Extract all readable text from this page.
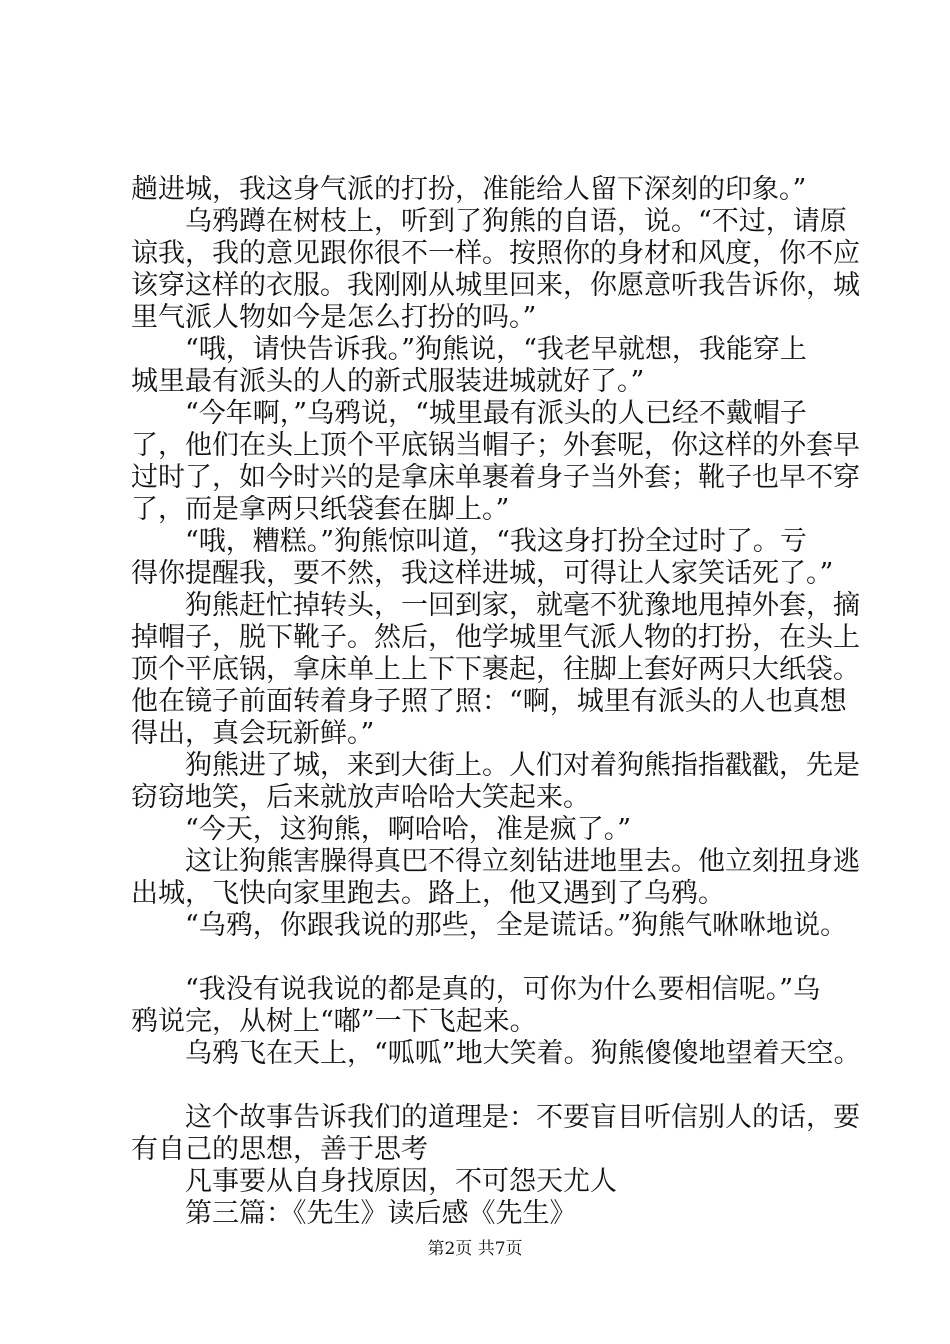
趟进城，我这身气派的打扮，准能给人留下深刻的印象。”
乌鸦蹲在树枝上，听到了狗熊的自语，说。“不过，请原
谅我，我的意见跟你很不一样。按照你的身材和风度，你不应
该穿这样的衣服。我刚刚从城里回来，你愿意听我告诉你，城
里气派人物如今是怎么打扮的吗。”
“哦，请快告诉我。”狗熊说，“我老早就想，我能穿上
城里最有派头的人的新式服装进城就好了。”
“今年啊，”乌鸦说，“城里最有派头的人已经不戴帽子
了，他们在头上顶个平底锅当帽子；外套呢，你这样的外套早
过时了，如今时兴的是拿床单裹着身子当外套；靴子也早不穿
了，而是拿两只纸袋套在脚上。”
“哦，糟糕。”狗熊惊叫道，“我这身打扮全过时了。亏
得你提醒我，要不然，我这样进城，可得让人家笑话死了。”
狗熊赶忙掉转头，一回到家，就毫不犹豫地甩掉外套，摘
掉帽子，脱下靴子。然后，他学城里气派人物的打扮，在头上
顶个平底锅，拿床单上上下下裹起，往脚上套好两只大纸袋。
他在镜子前面转着身子照了照：“啊，城里有派头的人也真想
得出，真会玩新鲜。”
狗熊进了城，来到大街上。人们对着狗熊指指戳戳，先是
窃窃地笑，后来就放声哈哈大笑起来。
“今天，这狗熊，啊哈哈，准是疯了。”
这让狗熊害臊得真巴不得立刻钻进地里去。他立刻扭身逃
出城，飞快向家里跑去。路上，他又遇到了乌鸦。
“乌鸦，你跟我说的那些，全是谎话。”狗熊气咻咻地说。
“我没有说我说的都是真的，可你为什么要相信呢。”乌
鸦说完，从树上“嘟”一下飞起来。
乌鸦飞在天上，“呱呱”地大笑着。狗熊傻傻地望着天空。
这个故事告诉我们的道理是：不要盲目听信别人的话，要
有自己的思想，善于思考
凡事要从自身找原因，不可怨天尤人
第三篇：《先生》读后感《先生》
第2页 共7页
